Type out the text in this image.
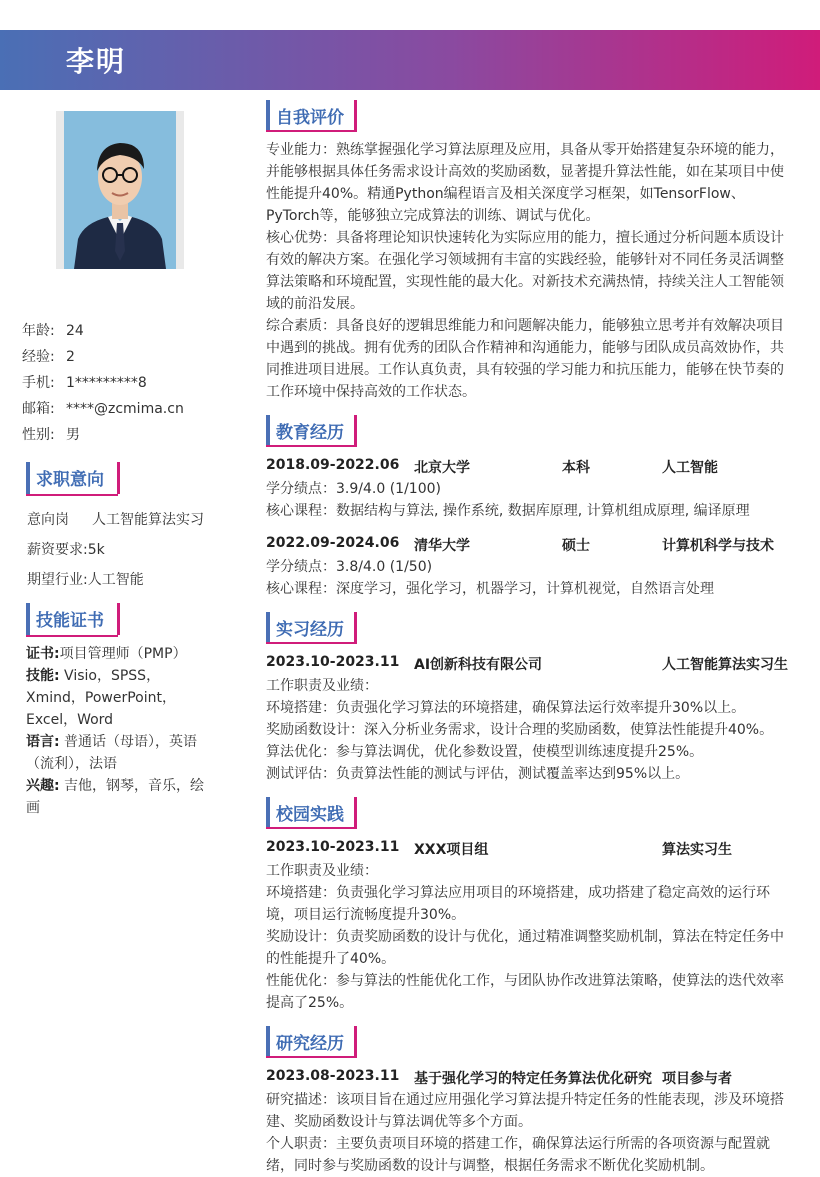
李明
年龄: 24
经验: 2
手机: 1*********8
邮箱: ****@zcmima.cn
性别: 男
求职意向
意向岗 人工智能算法实习
薪资要求:5k
期望行业:人工智能
技能证书
证书:项目管理师（PMP）
技能: Visio，SPSS，Xmind，PowerPoint，Excel，Word
语言: 普通话（母语），英语（流利），法语
兴趣: 吉他，钢琴，音乐，绘画
自我评价
专业能力：熟练掌握强化学习算法原理及应用，具备从零开始搭建复杂环境的能力，并能够根据具体任务需求设计高效的奖励函数，显著提升算法性能，如在某项目中使性能提升40%。精通Python编程语言及相关深度学习框架，如TensorFlow、PyTorch等，能够独立完成算法的训练、调试与优化。
核心优势：具备将理论知识快速转化为实际应用的能力，擅长通过分析问题本质设计有效的解决方案。在强化学习领域拥有丰富的实践经验，能够针对不同任务灵活调整算法策略和环境配置，实现性能的最大化。对新技术充满热情，持续关注人工智能领域的前沿发展。
综合素质：具备良好的逻辑思维能力和问题解决能力，能够独立思考并有效解决项目中遇到的挑战。拥有优秀的团队合作精神和沟通能力，能够与团队成员高效协作，共同推进项目进展。工作认真负责，具有较强的学习能力和抗压能力，能够在快节奏的工作环境中保持高效的工作状态。
教育经历
2018.09-2022.06 北京大学	本科	人工智能
学分绩点：3.9/4.0 (1/100)
核心课程：数据结构与算法, 操作系统, 数据库原理, 计算机组成原理, 编译原理
2022.09-2024.06 清华大学	硕士	计算机科学与技术
学分绩点：3.8/4.0 (1/50)
核心课程：深度学习，强化学习，机器学习，计算机视觉，自然语言处理
实习经历
2023.10-2023.11 AI创新科技有限公司	人工智能算法实习生
工作职责及业绩：
环境搭建：负责强化学习算法的环境搭建，确保算法运行效率提升30%以上。
奖励函数设计：深入分析业务需求，设计合理的奖励函数，使算法性能提升40%。
算法优化：参与算法调优，优化参数设置，使模型训练速度提升25%。
测试评估：负责算法性能的测试与评估，测试覆盖率达到95%以上。
校园实践
2023.10-2023.11 XXX项目组	算法实习生
工作职责及业绩：
环境搭建：负责强化学习算法应用项目的环境搭建，成功搭建了稳定高效的运行环境，项目运行流畅度提升30%。
奖励设计：负责奖励函数的设计与优化，通过精准调整奖励机制，算法在特定任务中的性能提升了40%。
性能优化：参与算法的性能优化工作，与团队协作改进算法策略，使算法的迭代效率提高了25%。
研究经历
2023.08-2023.11 基于强化学习的特定任务算法优化研究 项目参与者
研究描述：该项目旨在通过应用强化学习算法提升特定任务的性能表现，涉及环境搭建、奖励函数设计与算法调优等多个方面。
个人职责：主要负责项目环境的搭建工作，确保算法运行所需的各项资源与配置就绪，同时参与奖励函数的设计与调整，根据任务需求不断优化奖励机制。
